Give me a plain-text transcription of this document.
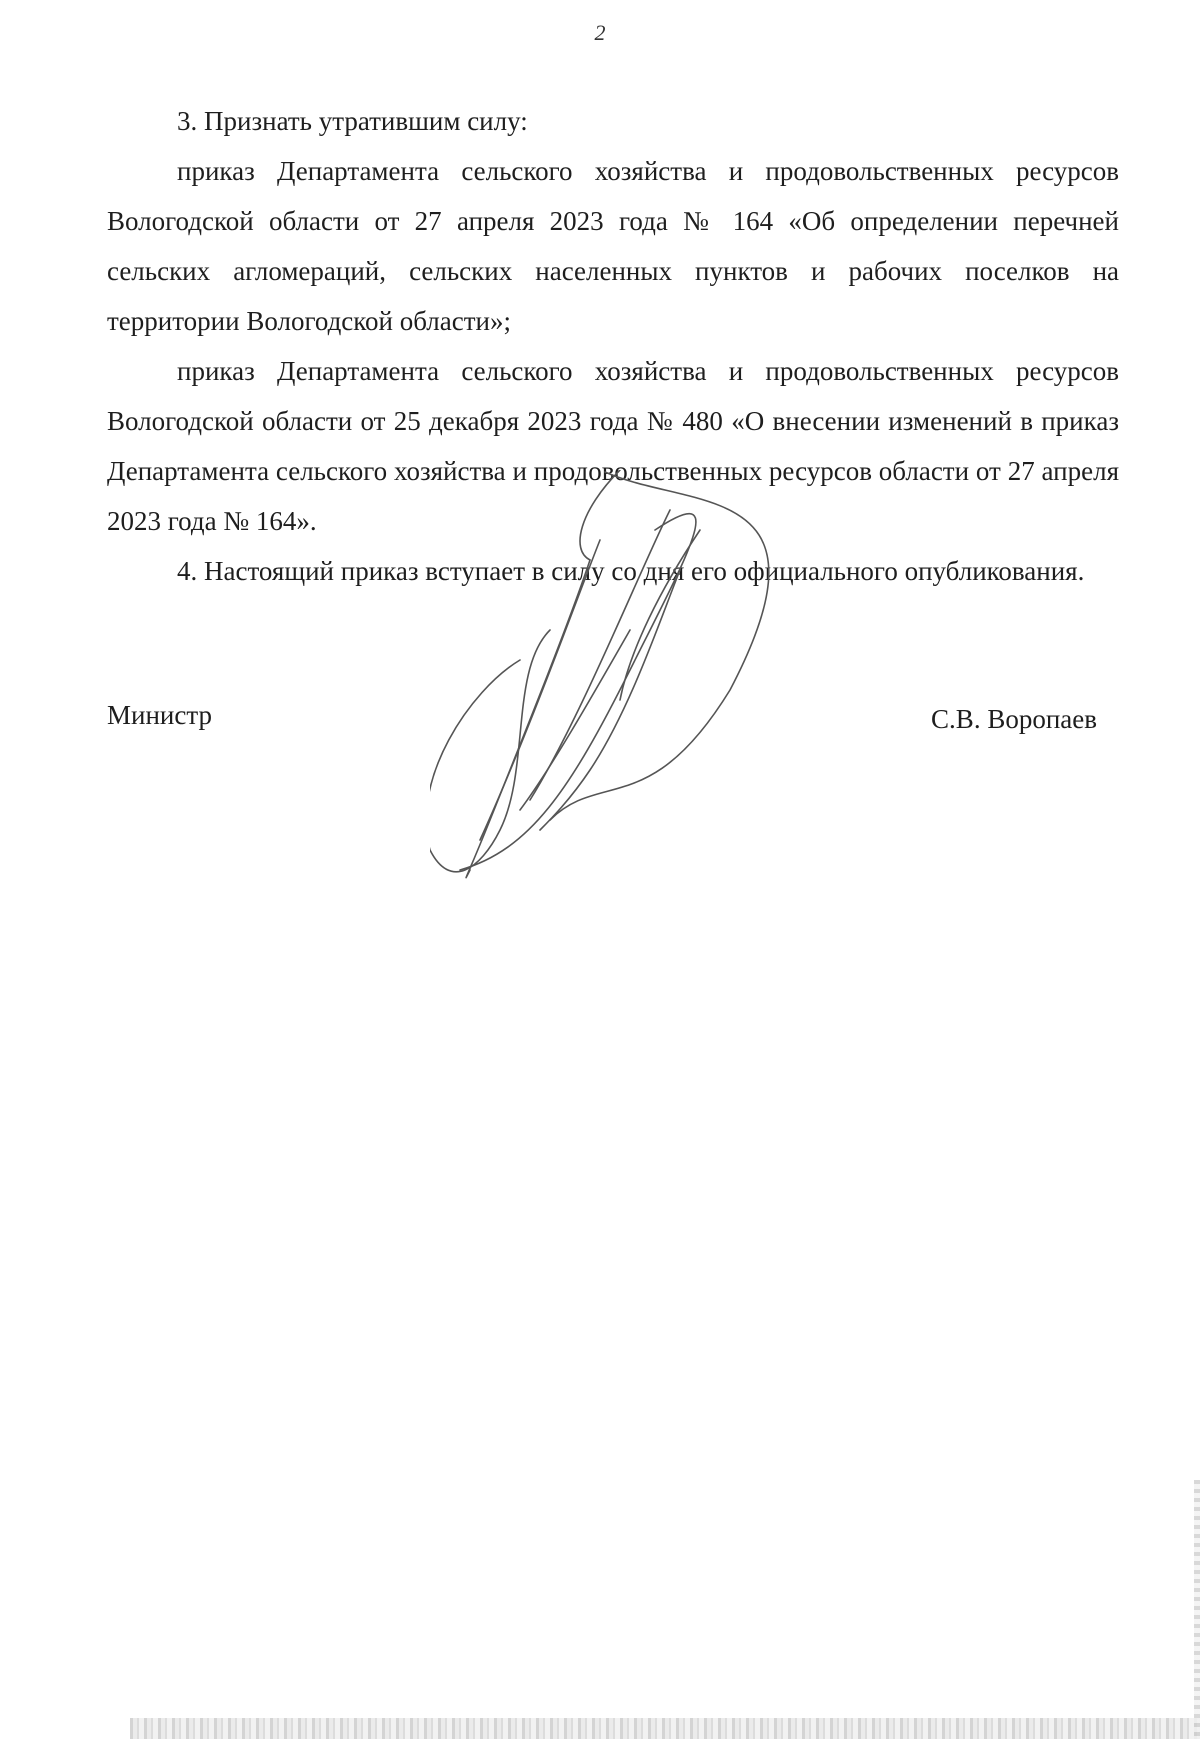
2

3. Признать утратившим силу:

приказ Департамента сельского хозяйства и продовольственных ресурсов Вологодской области от 27 апреля 2023 года № 164 «Об определении перечней сельских агломераций, сельских населенных пунктов и рабочих поселков на территории Вологодской области»;

приказ Департамента сельского хозяйства и продовольственных ресурсов Вологодской области от 25 декабря 2023 года № 480 «О внесении изменений в приказ Департамента сельского хозяйства и продовольственных ресурсов области от 27 апреля 2023 года № 164».

4. Настоящий приказ вступает в силу со дня его официального опубликования.

Министр	С.В. Воропаев
